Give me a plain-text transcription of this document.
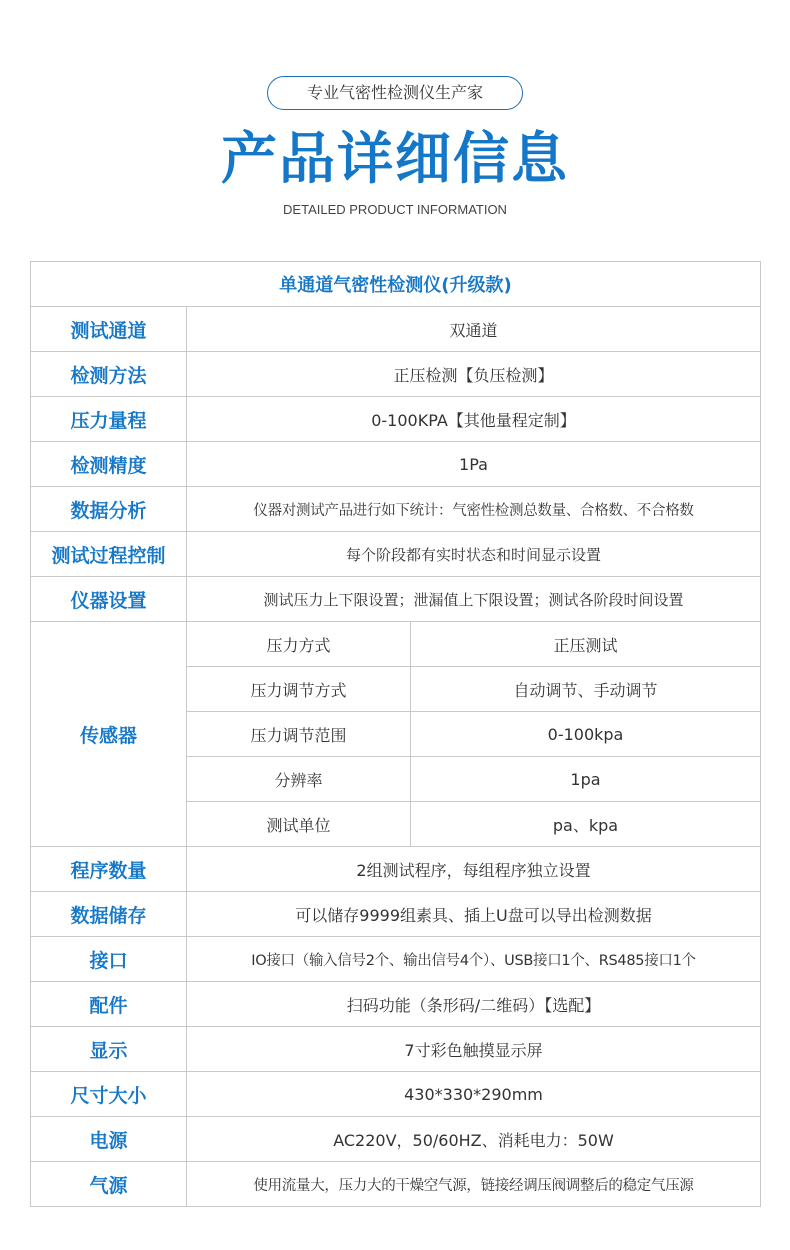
专业气密性检测仪生产家
产品详细信息
DETAILED PRODUCT INFORMATION
单通道气密性检测仪(升级款)		
测试通道	双通道	
检测方法	正压检测【负压检测】	
压力量程	0-100KPA【其他量程定制】	
检测精度	1Pa	
数据分析	仪器对测试产品进行如下统计：气密性检测总数量、合格数、不合格数	
测试过程控制	每个阶段都有实时状态和时间显示设置	
仪器设置	测试压力上下限设置；泄漏值上下限设置；测试各阶段时间设置	
传感器	压力方式	正压测试
	压力调节方式	自动调节、手动调节
	压力调节范围	0-100kpa
	分辨率	1pa
	测试单位	pa、kpa
程序数量	2组测试程序，每组程序独立设置	
数据储存	可以储存9999组素具、插上U盘可以导出检测数据	
接口	IO接口（输入信号2个、输出信号4个）、USB接口1个、RS485接口1个	
配件	扫码功能（条形码/二维码）【选配】	
显示	7寸彩色触摸显示屏	
尺寸大小	430*330*290mm	
电源	AC220V，50/60HZ、消耗电力：50W	
气源	使用流量大，压力大的干燥空气源，链接经调压阀调整后的稳定气压源	
